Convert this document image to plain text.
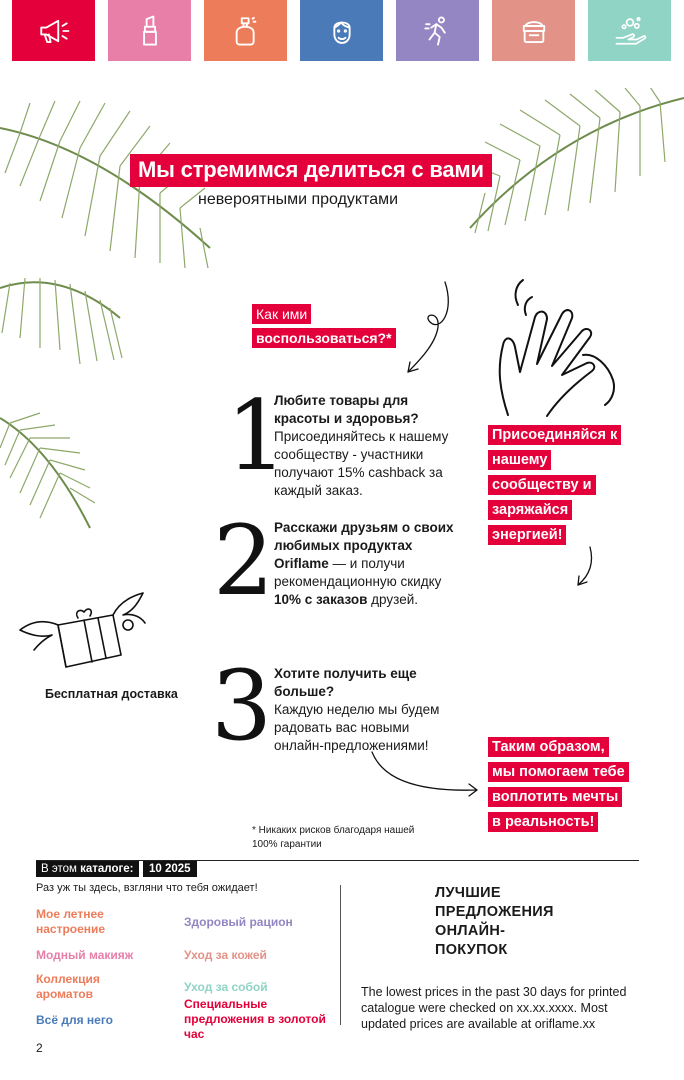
Мы стремимся делиться с вами
невероятными продуктами
Как ими
воспользоваться?*
1
2
3
Любите товары для
красоты и здоровья?
Присоединяйтесь к нашему
сообществу - участники
получают 15% cashback за
каждый заказ.
Расскажи друзьям о своих
любимых продуктах
Oriflame — и получи
рекомендационную скидку
10% с заказов друзей.
Хотите получить еще
больше?
Каждую неделю мы будем
радовать вас новыми
онлайн-предложениями!
Присоединяйся к
нашему
сообществу и
заряжайся
энергией!
Бесплатная доставка
Таким образом,
мы помогаем тебе
воплотить мечты
в реальность!
* Никаких рисков благодаря нашей
100% гарантии
В этом каталоге:	10 2025
Раз уж ты здесь, взгляни что тебя ожидает!
Мое летнее
настроение
Модный макияж
Коллекция
ароматов
Всё для него
Здоровый рацион
Уход за кожей
Уход за собой
Специальные
предложения в золотой
час
ЛУЧШИЕ
ПРЕДЛОЖЕНИЯ
ОНЛАЙН-
ПОКУПОК
The lowest prices in the past 30 days for printed catalogue were checked on xx.xx.xxxx. Most updated prices are available at oriflame.xx
2
